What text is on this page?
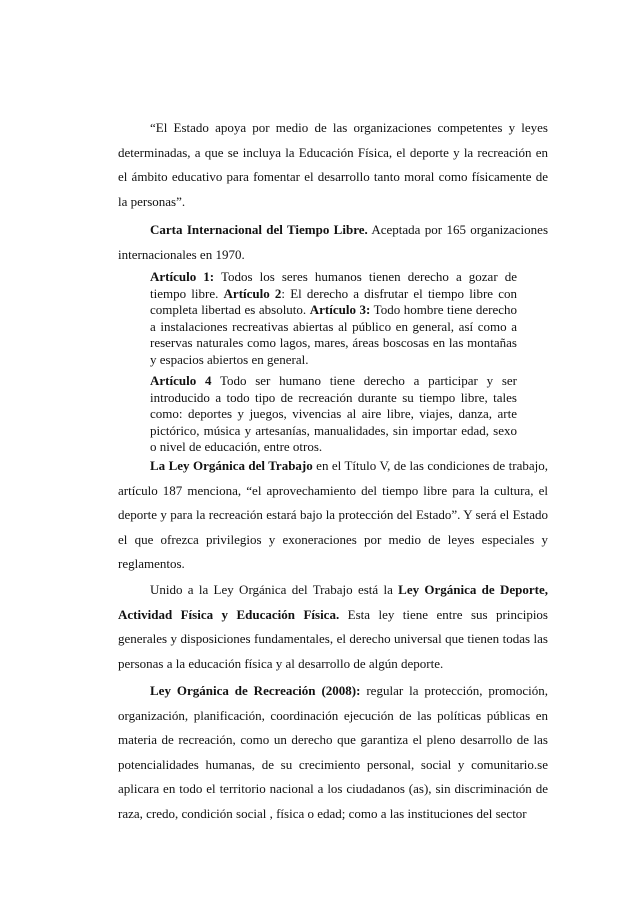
“El Estado apoya por medio de las organizaciones competentes y leyes determinadas, a que se incluya la Educación Física, el deporte y la recreación en el ámbito educativo para fomentar el desarrollo tanto moral como físicamente de la personas”.

Carta Internacional del Tiempo Libre. Aceptada por 165 organizaciones internacionales en 1970.

Artículo 1: Todos los seres humanos tienen derecho a gozar de tiempo libre. Artículo 2: El derecho a disfrutar el tiempo libre con completa libertad es absoluto. Artículo 3: Todo hombre tiene derecho a instalaciones recreativas abiertas al público en general, así como a reservas naturales como lagos, mares, áreas boscosas en las montañas y espacios abiertos en general.

Artículo 4 Todo ser humano tiene derecho a participar y ser introducido a todo tipo de recreación durante su tiempo libre, tales como: deportes y juegos, vivencias al aire libre, viajes, danza, arte pictórico, música y artesanías, manualidades, sin importar edad, sexo o nivel de educación, entre otros.

La Ley Orgánica del Trabajo en el Título V, de las condiciones de trabajo, artículo 187 menciona, “el aprovechamiento del tiempo libre para la cultura, el deporte y para la recreación estará bajo la protección del Estado”. Y será el Estado el que ofrezca privilegios y exoneraciones por medio de leyes especiales y reglamentos.

Unido a la Ley Orgánica del Trabajo está la Ley Orgánica de Deporte, Actividad Física y Educación Física. Esta ley tiene entre sus principios generales y disposiciones fundamentales, el derecho universal que tienen todas las personas a la educación física y al desarrollo de algún deporte.

Ley Orgánica de Recreación (2008): regular la protección, promoción, organización, planificación, coordinación ejecución de las políticas públicas en materia de recreación, como un derecho que garantiza el pleno desarrollo de las potencialidades humanas, de su crecimiento personal, social y comunitario.se aplicara en todo el territorio nacional a los ciudadanos (as), sin discriminación de raza, credo, condición social , física o edad; como a las instituciones del sector
